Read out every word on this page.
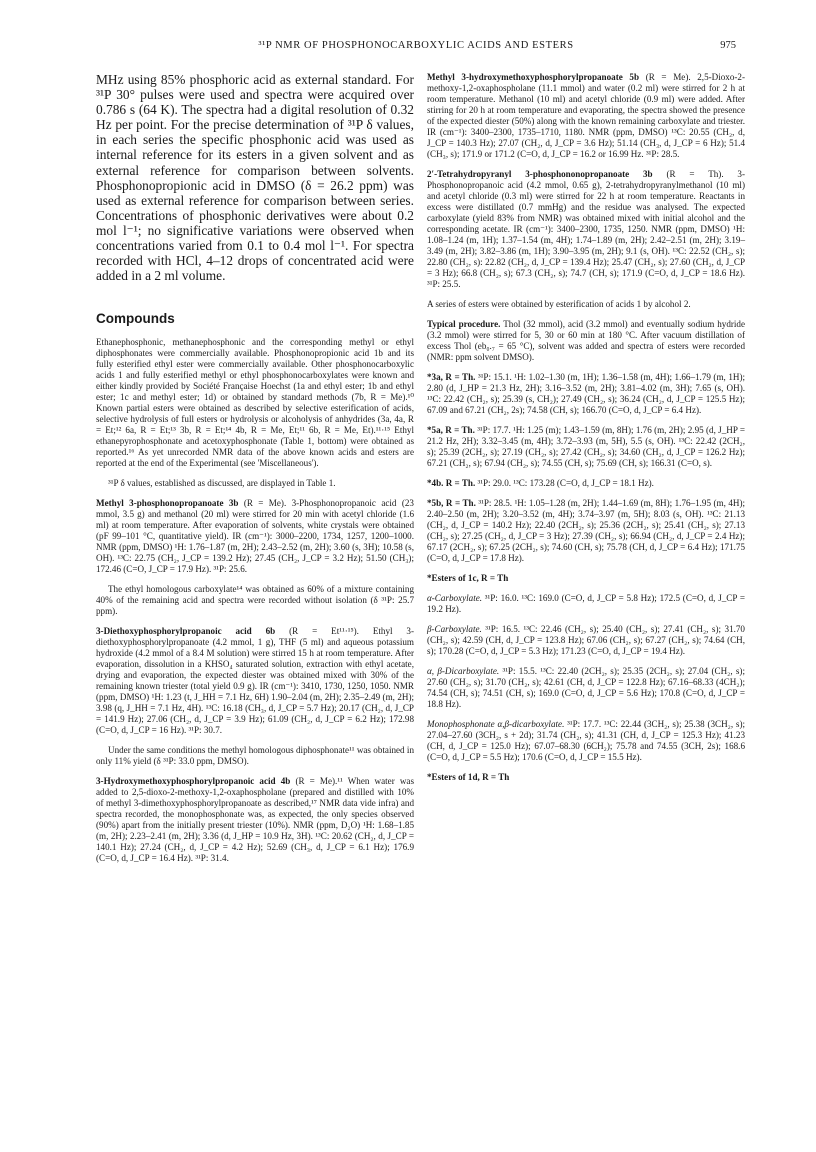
³¹P NMR OF PHOSPHONOCARBOXYLIC ACIDS AND ESTERS	975

MHz using 85% phosphoric acid as external standard. For ³¹P 30° pulses were used and spectra were acquired over 0.786 s (64 K). The spectra had a digital resolution of 0.32 Hz per point. For the precise determination of ³¹P δ values, in each series the specific phosphonic acid was used as internal reference for its esters in a given solvent and as external reference for comparison between solvents. Phosphonopropionic acid in DMSO (δ = 26.2 ppm) was used as external reference for comparison between series. Concentrations of phosphonic derivatives were about 0.2 mol l⁻¹; no significative variations were observed when concentrations varied from 0.1 to 0.4 mol l⁻¹. For spectra recorded with HCl, 4–12 drops of concentrated acid were added in a 2 ml volume.

Compounds

Ethanephosphonic, methanephosphonic and the corresponding methyl or ethyl diphosphonates were commercially available. Phosphonopropionic acid 1b and its fully esterified ethyl ester were commercially available. Other phosphonocarboxylic acids 1 and fully esterified methyl or ethyl phosphonocarboxylates were known and either kindly provided by Société Française Hoechst (1a and ethyl ester; 1b and ethyl ester; 1c and methyl ester; 1d) or obtained by standard methods (7b, R = Me).¹⁰ Known partial esters were obtained as described by selective esterification of acids, selective hydrolysis of full esters or hydrolysis or alcoholysis of anhydrides (3a, 4a, R = Et;¹² 6a, R = Et;¹³ 3b, R = Et;¹⁴ 4b, R = Me, Et;¹¹ 6b, R = Me, Et).¹¹·¹⁵ Ethyl ethanepyrophosphonate and acetoxyphosphonate (Table 1, bottom) were obtained as reported.¹⁶ As yet unrecorded NMR data of the above known acids and esters are reported at the end of the Experimental (see 'Miscellaneous').

³¹P δ values, established as discussed, are displayed in Table 1.

Methyl 3-phosphonopropanoate 3b (R = Me). 3-Phosphonopropanoic acid (23 mmol, 3.5 g) and methanol (20 ml) were stirred for 20 min with acetyl chloride (1.6 ml) at room temperature. After evaporation of solvents, white crystals were obtained (pF 99–101 °C, quantitative yield). IR (cm⁻¹): 3000–2200, 1734, 1257, 1200–1000. NMR (ppm, DMSO) ¹H: 1.76–1.87 (m, 2H); 2.43–2.52 (m, 2H); 3.60 (s, 3H); 10.58 (s, OH). ¹³C: 22.75 (CH₂, J_CP = 139.2 Hz); 27.45 (CH₂, J_CP = 3.2 Hz); 51.50 (CH₃); 172.46 (C=O, J_CP = 17.9 Hz). ³¹P: 25.6.

The ethyl homologous carboxylate¹⁴ was obtained as 60% of a mixture containing 40% of the remaining acid and spectra were recorded without isolation (δ ³¹P: 25.7 ppm).

3-Diethoxyphosphorylpropanoic acid 6b (R = Et¹¹·¹⁵). Ethyl 3-diethoxyphosphorylpropanoate (4.2 mmol, 1 g), THF (5 ml) and aqueous potassium hydroxide (4.2 mmol of a 8.4 M solution) were stirred 15 h at room temperature. After evaporation, dissolution in a KHSO₄ saturated solution, extraction with ethyl acetate, drying and evaporation, the expected diester was obtained mixed with 30% of the remaining known triester (total yield 0.9 g). IR (cm⁻¹): 3410, 1730, 1250, 1050. NMR (ppm, DMSO) ¹H: 1.23 (t, J_HH = 7.1 Hz, 6H) 1.90–2.04 (m, 2H); 2.35–2.49 (m, 2H); 3.98 (q, J_HH = 7.1 Hz, 4H). ¹³C: 16.18 (CH₃, d, J_CP = 5.7 Hz); 20.17 (CH₂, d, J_CP = 141.9 Hz); 27.06 (CH₂, d, J_CP = 3.9 Hz); 61.09 (CH₂, d, J_CP = 6.2 Hz); 172.98 (C=O, d, J_CP = 16 Hz). ³¹P: 30.7.

Under the same conditions the methyl homologous diphosphonate¹¹ was obtained in only 11% yield (δ ³¹P: 33.0 ppm, DMSO).

3-Hydroxymethoxyphosphorylpropanoic acid 4b (R = Me).¹¹ When water was added to 2,5-dioxo-2-methoxy-1,2-oxaphospholane (prepared and distilled with 10% of methyl 3-dimethoxyphosphorylpropanoate as described,¹⁷ NMR data vide infra) and spectra recorded, the monophosphonate was, as expected, the only species observed (90%) apart from the initially present triester (10%). NMR (ppm, D₂O) ¹H: 1.68–1.85 (m, 2H); 2.23–2.41 (m, 2H); 3.36 (d, J_HP = 10.9 Hz, 3H). ¹³C: 20.62 (CH₂, d, J_CP = 140.1 Hz); 27.24 (CH₂, d, J_CP = 4.2 Hz); 52.69 (CH₃, d, J_CP = 6.1 Hz); 176.9 (C=O, d, J_CP = 16.4 Hz). ³¹P: 31.4.

Methyl 3-hydroxymethoxyphosphorylpropanoate 5b (R = Me). 2,5-Dioxo-2-methoxy-1,2-oxaphospholane (11.1 mmol) and water (0.2 ml) were stirred for 2 h at room temperature. Methanol (10 ml) and acetyl chloride (0.9 ml) were added. After stirring for 20 h at room temperature and evaporating, the spectra showed the presence of the expected diester (50%) along with the known remaining carboxylate and triester. IR (cm⁻¹): 3400–2300, 1735–1710, 1180. NMR (ppm, DMSO) ¹³C: 20.55 (CH₂, d, J_CP = 140.3 Hz); 27.07 (CH₂, d, J_CP = 3.6 Hz); 51.14 (CH₃, d, J_CP = 6 Hz); 51.4 (CH₃, s); 171.9 or 171.2 (C=O, d, J_CP = 16.2 or 16.99 Hz. ³¹P: 28.5.

2′-Tetrahydropyranyl 3-phosphononopropanoate 3b (R = Th). 3-Phosphonopropanoic acid (4.2 mmol, 0.65 g), 2-tetrahydropyranylmethanol (10 ml) and acetyl chloride (0.3 ml) were stirred for 22 h at room temperature. Reactants in excess were distillated (0.7 mmHg) and the residue was analysed. The expected carboxylate (yield 83% from NMR) was obtained mixed with initial alcohol and the corresponding acetate. IR (cm⁻¹): 3400–2300, 1735, 1250. NMR (ppm, DMSO) ¹H: 1.08–1.24 (m, 1H); 1.37–1.54 (m, 4H); 1.74–1.89 (m, 2H); 2.42–2.51 (m, 2H); 3.19–3.49 (m, 2H); 3.82–3.86 (m, 1H); 3.90–3.95 (m, 2H); 9.1 (s, OH). ¹³C: 22.52 (CH₂, s); 22.80 (CH₂, s): 22.82 (CH₂, d, J_CP = 139.4 Hz); 25.47 (CH₂, s); 27.60 (CH₂, d, J_CP = 3 Hz); 66.8 (CH₂, s); 67.3 (CH₂, s); 74.7 (CH, s); 171.9 (C=O, d, J_CP = 18.6 Hz). ³¹P: 25.5.

A series of esters were obtained by esterification of acids 1 by alcohol 2.

Typical procedure. Thol (32 mmol), acid (3.2 mmol) and eventually sodium hydride (3.2 mmol) were stirred for 5, 30 or 60 min at 180 °C. After vacuum distillation of excess Thol (eb₀.₇ = 65 °C), solvent was added and spectra of esters were recorded (NMR: ppm solvent DMSO).

*3a, R = Th. ³¹P: 15.1. ¹H: 1.02–1.30 (m, 1H); 1.36–1.58 (m, 4H); 1.66–1.79 (m, 1H); 2.80 (d, J_HP = 21.3 Hz, 2H); 3.16–3.52 (m, 2H); 3.81–4.02 (m, 3H); 7.65 (s, OH). ¹³C: 22.42 (CH₂, s); 25.39 (s, CH₂); 27.49 (CH₂, s); 36.24 (CH₂, d, J_CP = 125.5 Hz); 67.09 and 67.21 (CH₂, 2s); 74.58 (CH, s); 166.70 (C=O, d, J_CP = 6.4 Hz).

*5a, R = Th. ³¹P: 17.7. ¹H: 1.25 (m); 1.43–1.59 (m, 8H); 1.76 (m, 2H); 2.95 (d, J_HP = 21.2 Hz, 2H); 3.32–3.45 (m, 4H); 3.72–3.93 (m, 5H), 5.5 (s, OH). ¹³C: 22.42 (2CH₂, s); 25.39 (2CH₂, s); 27.19 (CH₂, s); 27.42 (CH₂, s); 34.60 (CH₂, d, J_CP = 126.2 Hz); 67.21 (CH₂, s); 67.94 (CH₂, s); 74.55 (CH, s); 75.69 (CH, s); 166.31 (C=O, s).

*4b. R = Th. ³¹P: 29.0. ¹³C: 173.28 (C=O, d, J_CP = 18.1 Hz).

*5b, R = Th. ³¹P: 28.5. ¹H: 1.05–1.28 (m, 2H); 1.44–1.69 (m, 8H); 1.76–1.95 (m, 4H); 2.40–2.50 (m, 2H); 3.20–3.52 (m, 4H); 3.74–3.97 (m, 5H); 8.03 (s, OH). ¹³C: 21.13 (CH₂, d, J_CP = 140.2 Hz); 22.40 (2CH₂, s); 25.36 (2CH₂, s); 25.41 (CH₂, s); 27.13 (CH₂, s); 27.25 (CH₂, d, J_CP = 3 Hz); 27.39 (CH₂, s); 66.94 (CH₂, d, J_CP = 2.4 Hz); 67.17 (2CH₂, s); 67.25 (2CH₂, s); 74.60 (CH, s); 75.78 (CH, d, J_CP = 6.4 Hz); 171.75 (C=O, d, J_CP = 17.8 Hz).

*Esters of 1c, R = Th

α-Carboxylate. ³¹P: 16.0. ¹³C: 169.0 (C=O, d, J_CP = 5.8 Hz); 172.5 (C=O, d, J_CP = 19.2 Hz).

β-Carboxylate. ³¹P: 16.5. ¹³C: 22.46 (CH₂, s); 25.40 (CH₂, s); 27.41 (CH₂, s); 31.70 (CH₂, s); 42.59 (CH, d, J_CP = 123.8 Hz); 67.06 (CH₂, s); 67.27 (CH₂, s); 74.64 (CH, s); 170.28 (C=O, d, J_CP = 5.3 Hz); 171.23 (C=O, d, J_CP = 19.4 Hz).

α, β-Dicarboxylate. ³¹P: 15.5. ¹³C: 22.40 (2CH₂, s); 25.35 (2CH₂, s); 27.04 (CH₂, s); 27.60 (CH₂, s); 31.70 (CH₂, s); 42.61 (CH, d, J_CP = 122.8 Hz); 67.16–68.33 (4CH₂); 74.54 (CH, s); 74.51 (CH, s); 169.0 (C=O, d, J_CP = 5.6 Hz); 170.8 (C=O, d, J_CP = 18.8 Hz).

Monophosphonate α,β-dicarboxylate. ³¹P: 17.7. ¹³C: 22.44 (3CH₂, s); 25.38 (3CH₂, s); 27.04–27.60 (3CH₂, s + 2d); 31.74 (CH₂, s); 41.31 (CH, d, J_CP = 125.3 Hz); 41.23 (CH, d, J_CP = 125.0 Hz); 67.07–68.30 (6CH₂); 75.78 and 74.55 (3CH, 2s); 168.6 (C=O, d, J_CP = 5.5 Hz); 170.6 (C=O, d, J_CP = 15.5 Hz).

*Esters of 1d, R = Th
